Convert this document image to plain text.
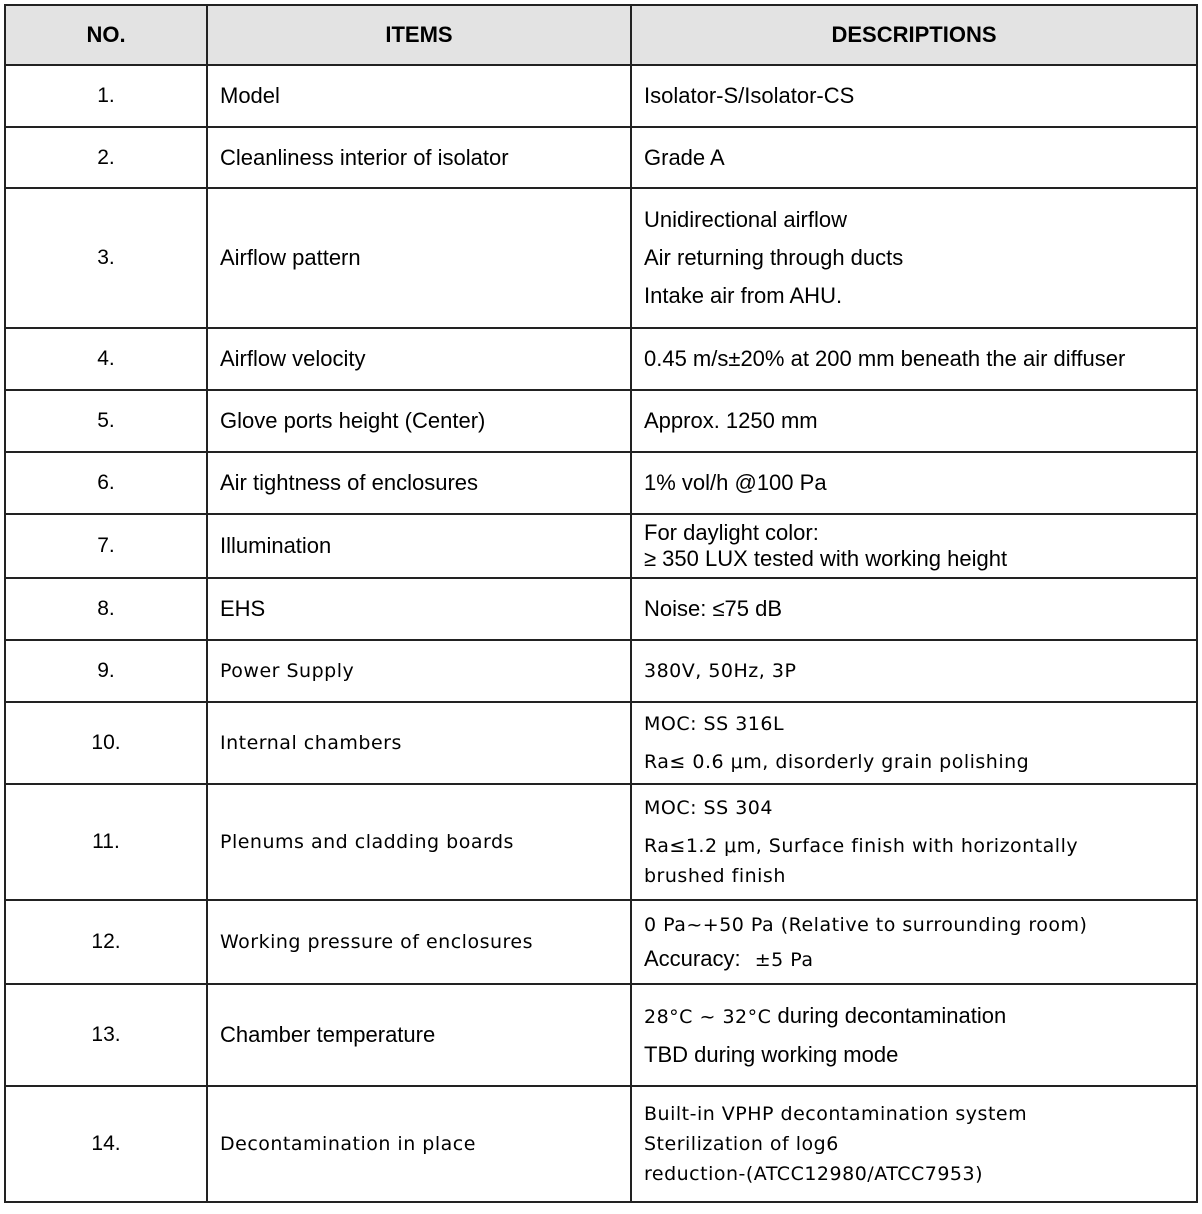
NO.	ITEMS	DESCRIPTIONS
1.	Model	Isolator-S/Isolator-CS

2.	Cleanliness interior of isolator	Grade A

3.	Airflow pattern	Unidirectional airflow
Air returning through ducts
Intake air from AHU.

4.	Airflow velocity	0.45 m/s±20% at 200 mm beneath the air diffuser

5.	Glove ports height (Center)	Approx. 1250 mm

6.	Air tightness of enclosures	1% vol/h @100 Pa

7.	Illumination	For daylight color:
≥ 350 LUX tested with working height

8.	EHS	Noise: ≤75 dB

9.	Power Supply	380V, 50Hz, 3P

10.	Internal chambers	MOC: SS 316L
Ra≤ 0.6 μm, disorderly grain polishing

11.	Plenums and cladding boards	MOC: SS 304
Ra≤1.2 μm, Surface finish with horizontally
brushed finish

12.	Working pressure of enclosures	0 Pa~+50 Pa (Relative to surrounding room)
Accuracy: ±5 Pa

13.	Chamber temperature	28°C ~ 32°C during decontamination
TBD during working mode

14.	Decontamination in place	Built-in VPHP decontamination system
Sterilization of log6
reduction-(ATCC12980/ATCC7953)
